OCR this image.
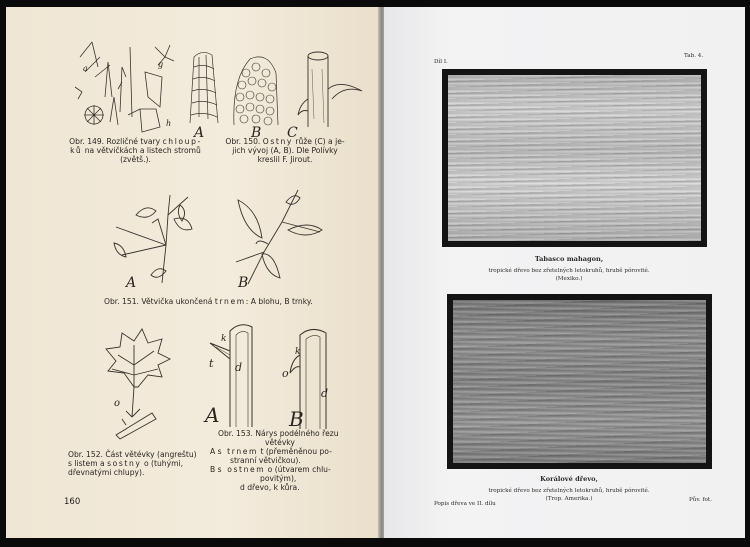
a	g
h
A	B C
Obr. 149. Rozličné tvary chloup-
ků na větvičkách a listech stromů
(zvětš.).
Obr. 150. Ostny růže (C) a je-
jich vývoj (A, B). Dle Polívky
kreslil F. Jirout.
A	B
Obr. 151. Větvička ukončená trnem: A blohu, B trnky.
o
Obr. 152. Část větévky (angreštu)
s listem a sostny o (tuhými,
dřevnatými chlupy).
k
t d
k
o
d
A	B
Obr. 153. Nárys podélného řezu
větévky
A s trnem t (přeměněnou po-
stranní větvičkou).
B s ostnem o (útvarem chlu-
povitým),
d dřevo, k kůra.
160
Díl I.
Tab. 4.
Tabasco mahagon,
tropické dřevo bez zřetelných letokruhů, hrubě pórovité.
(Mexiko.)
Korálové dřevo,
tropické dřevo bez zřetelných letokruhů, hrubě pórovité.
(Trop. Amerika.)
Popis dřeva ve II. dílu
Pův. fot.
